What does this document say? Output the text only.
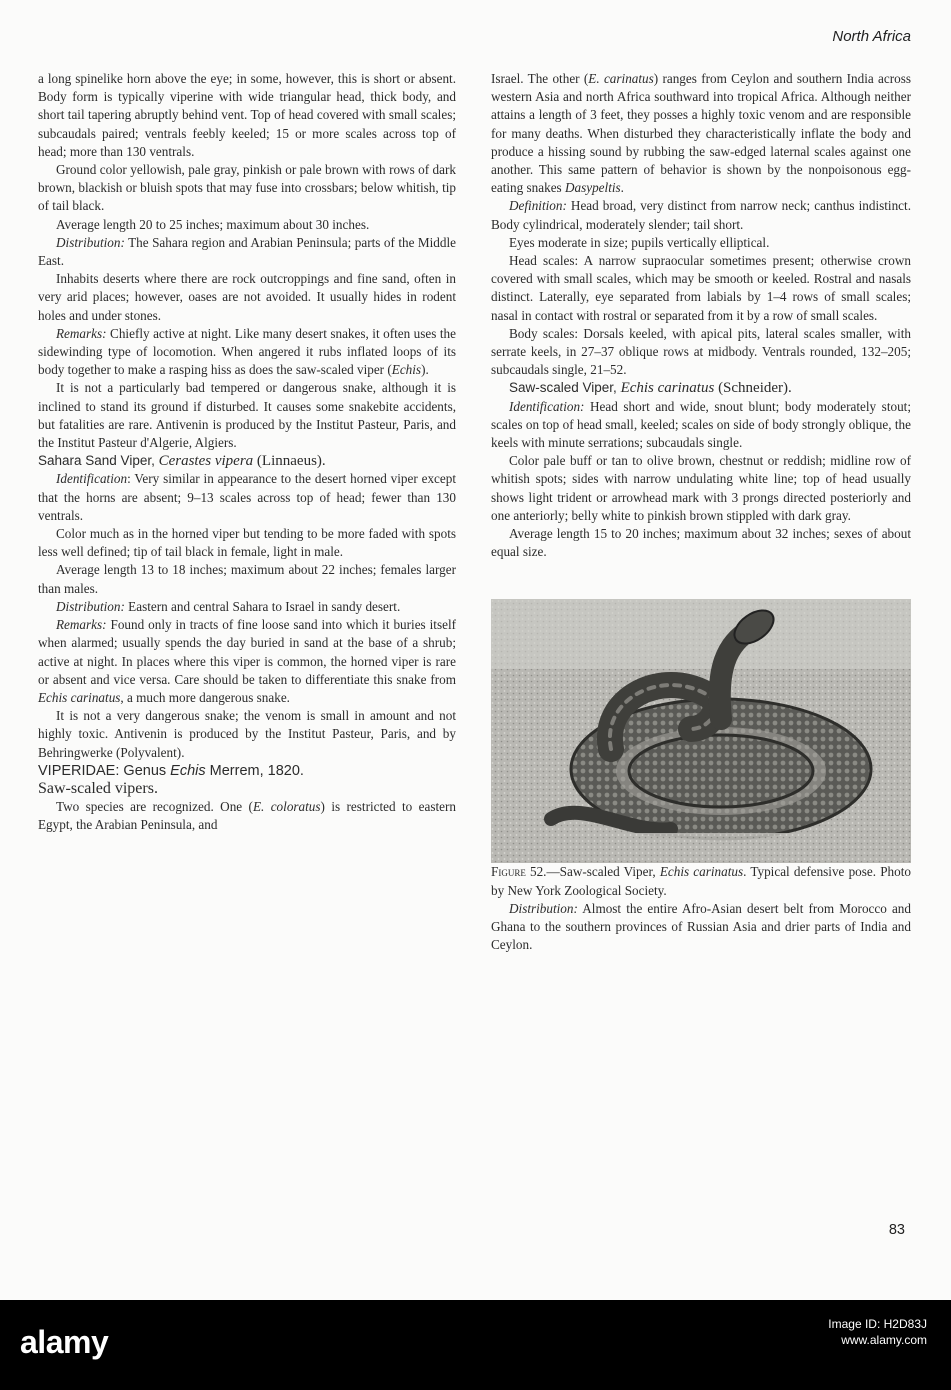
North Africa

a long spinelike horn above the eye; in some, however, this is short or absent. Body form is typically viperine with wide triangular head, thick body, and short tail tapering abruptly behind vent. Top of head covered with small scales; subcaudals paired; ventrals feebly keeled; 15 or more scales across top of head; more than 130 ventrals.

Ground color yellowish, pale gray, pinkish or pale brown with rows of dark brown, blackish or bluish spots that may fuse into crossbars; below whitish, tip of tail black.

Average length 20 to 25 inches; maximum about 30 inches.

Distribution: The Sahara region and Arabian Peninsula; parts of the Middle East.

Inhabits deserts where there are rock outcroppings and fine sand, often in very arid places; however, oases are not avoided. It usually hides in rodent holes and under stones.

Remarks: Chiefly active at night. Like many desert snakes, it often uses the sidewinding type of locomotion. When angered it rubs inflated loops of its body together to make a rasping hiss as does the saw-scaled viper (Echis).

It is not a particularly bad tempered or dangerous snake, although it is inclined to stand its ground if disturbed. It causes some snakebite accidents, but fatalities are rare. Antivenin is produced by the Institut Pasteur, Paris, and the Institut Pasteur d'Algerie, Algiers.

Sahara Sand Viper, Cerastes vipera (Linnaeus).

Identification: Very similar in appearance to the desert horned viper except that the horns are absent; 9–13 scales across top of head; fewer than 130 ventrals.

Color much as in the horned viper but tending to be more faded with spots less well defined; tip of tail black in female, light in male.

Average length 13 to 18 inches; maximum about 22 inches; females larger than males.

Distribution: Eastern and central Sahara to Israel in sandy desert.

Remarks: Found only in tracts of fine loose sand into which it buries itself when alarmed; usually spends the day buried in sand at the base of a shrub; active at night. In places where this viper is common, the horned viper is rare or absent and vice versa. Care should be taken to differentiate this snake from Echis carinatus, a much more dangerous snake.

It is not a very dangerous snake; the venom is small in amount and not highly toxic. Antivenin is produced by the Institut Pasteur, Paris, and by Behringwerke (Polyvalent).

VIPERIDAE: Genus Echis Merrem, 1820.

Saw-scaled vipers.

Two species are recognized. One (E. coloratus) is restricted to eastern Egypt, the Arabian Peninsula, and

Israel. The other (E. carinatus) ranges from Ceylon and southern India across western Asia and north Africa southward into tropical Africa. Although neither attains a length of 3 feet, they posses a highly toxic venom and are responsible for many deaths. When disturbed they characteristically inflate the body and produce a hissing sound by rubbing the saw-edged laternal scales against one another. This same pattern of behavior is shown by the nonpoisonous egg-eating snakes Dasypeltis.

Definition: Head broad, very distinct from narrow neck; canthus indistinct. Body cylindrical, moderately slender; tail short.

Eyes moderate in size; pupils vertically elliptical.

Head scales: A narrow supraocular sometimes present; otherwise crown covered with small scales, which may be smooth or keeled. Rostral and nasals distinct. Laterally, eye separated from labials by 1–4 rows of small scales; nasal in contact with rostral or separated from it by a row of small scales.

Body scales: Dorsals keeled, with apical pits, lateral scales smaller, with serrate keels, in 27–37 oblique rows at midbody. Ventrals rounded, 132–205; subcaudals single, 21–52.

Saw-scaled Viper, Echis carinatus (Schneider).

Identification: Head short and wide, snout blunt; body moderately stout; scales on top of head small, keeled; scales on side of body strongly oblique, the keels with minute serrations; subcaudals single.

Color pale buff or tan to olive brown, chestnut or reddish; midline row of whitish spots; sides with narrow undulating white line; top of head usually shows light trident or arrowhead mark with 3 prongs directed posteriorly and one anteriorly; belly white to pinkish brown stippled with dark gray.

Average length 15 to 20 inches; maximum about 32 inches; sexes of about equal size.

Figure 52.—Saw-scaled Viper, Echis carinatus. Typical defensive pose. Photo by New York Zoological Society.

Distribution: Almost the entire Afro-Asian desert belt from Morocco and Ghana to the southern provinces of Russian Asia and drier parts of India and Ceylon.

83
alamy	Image ID: H2D83J
www.alamy.com
